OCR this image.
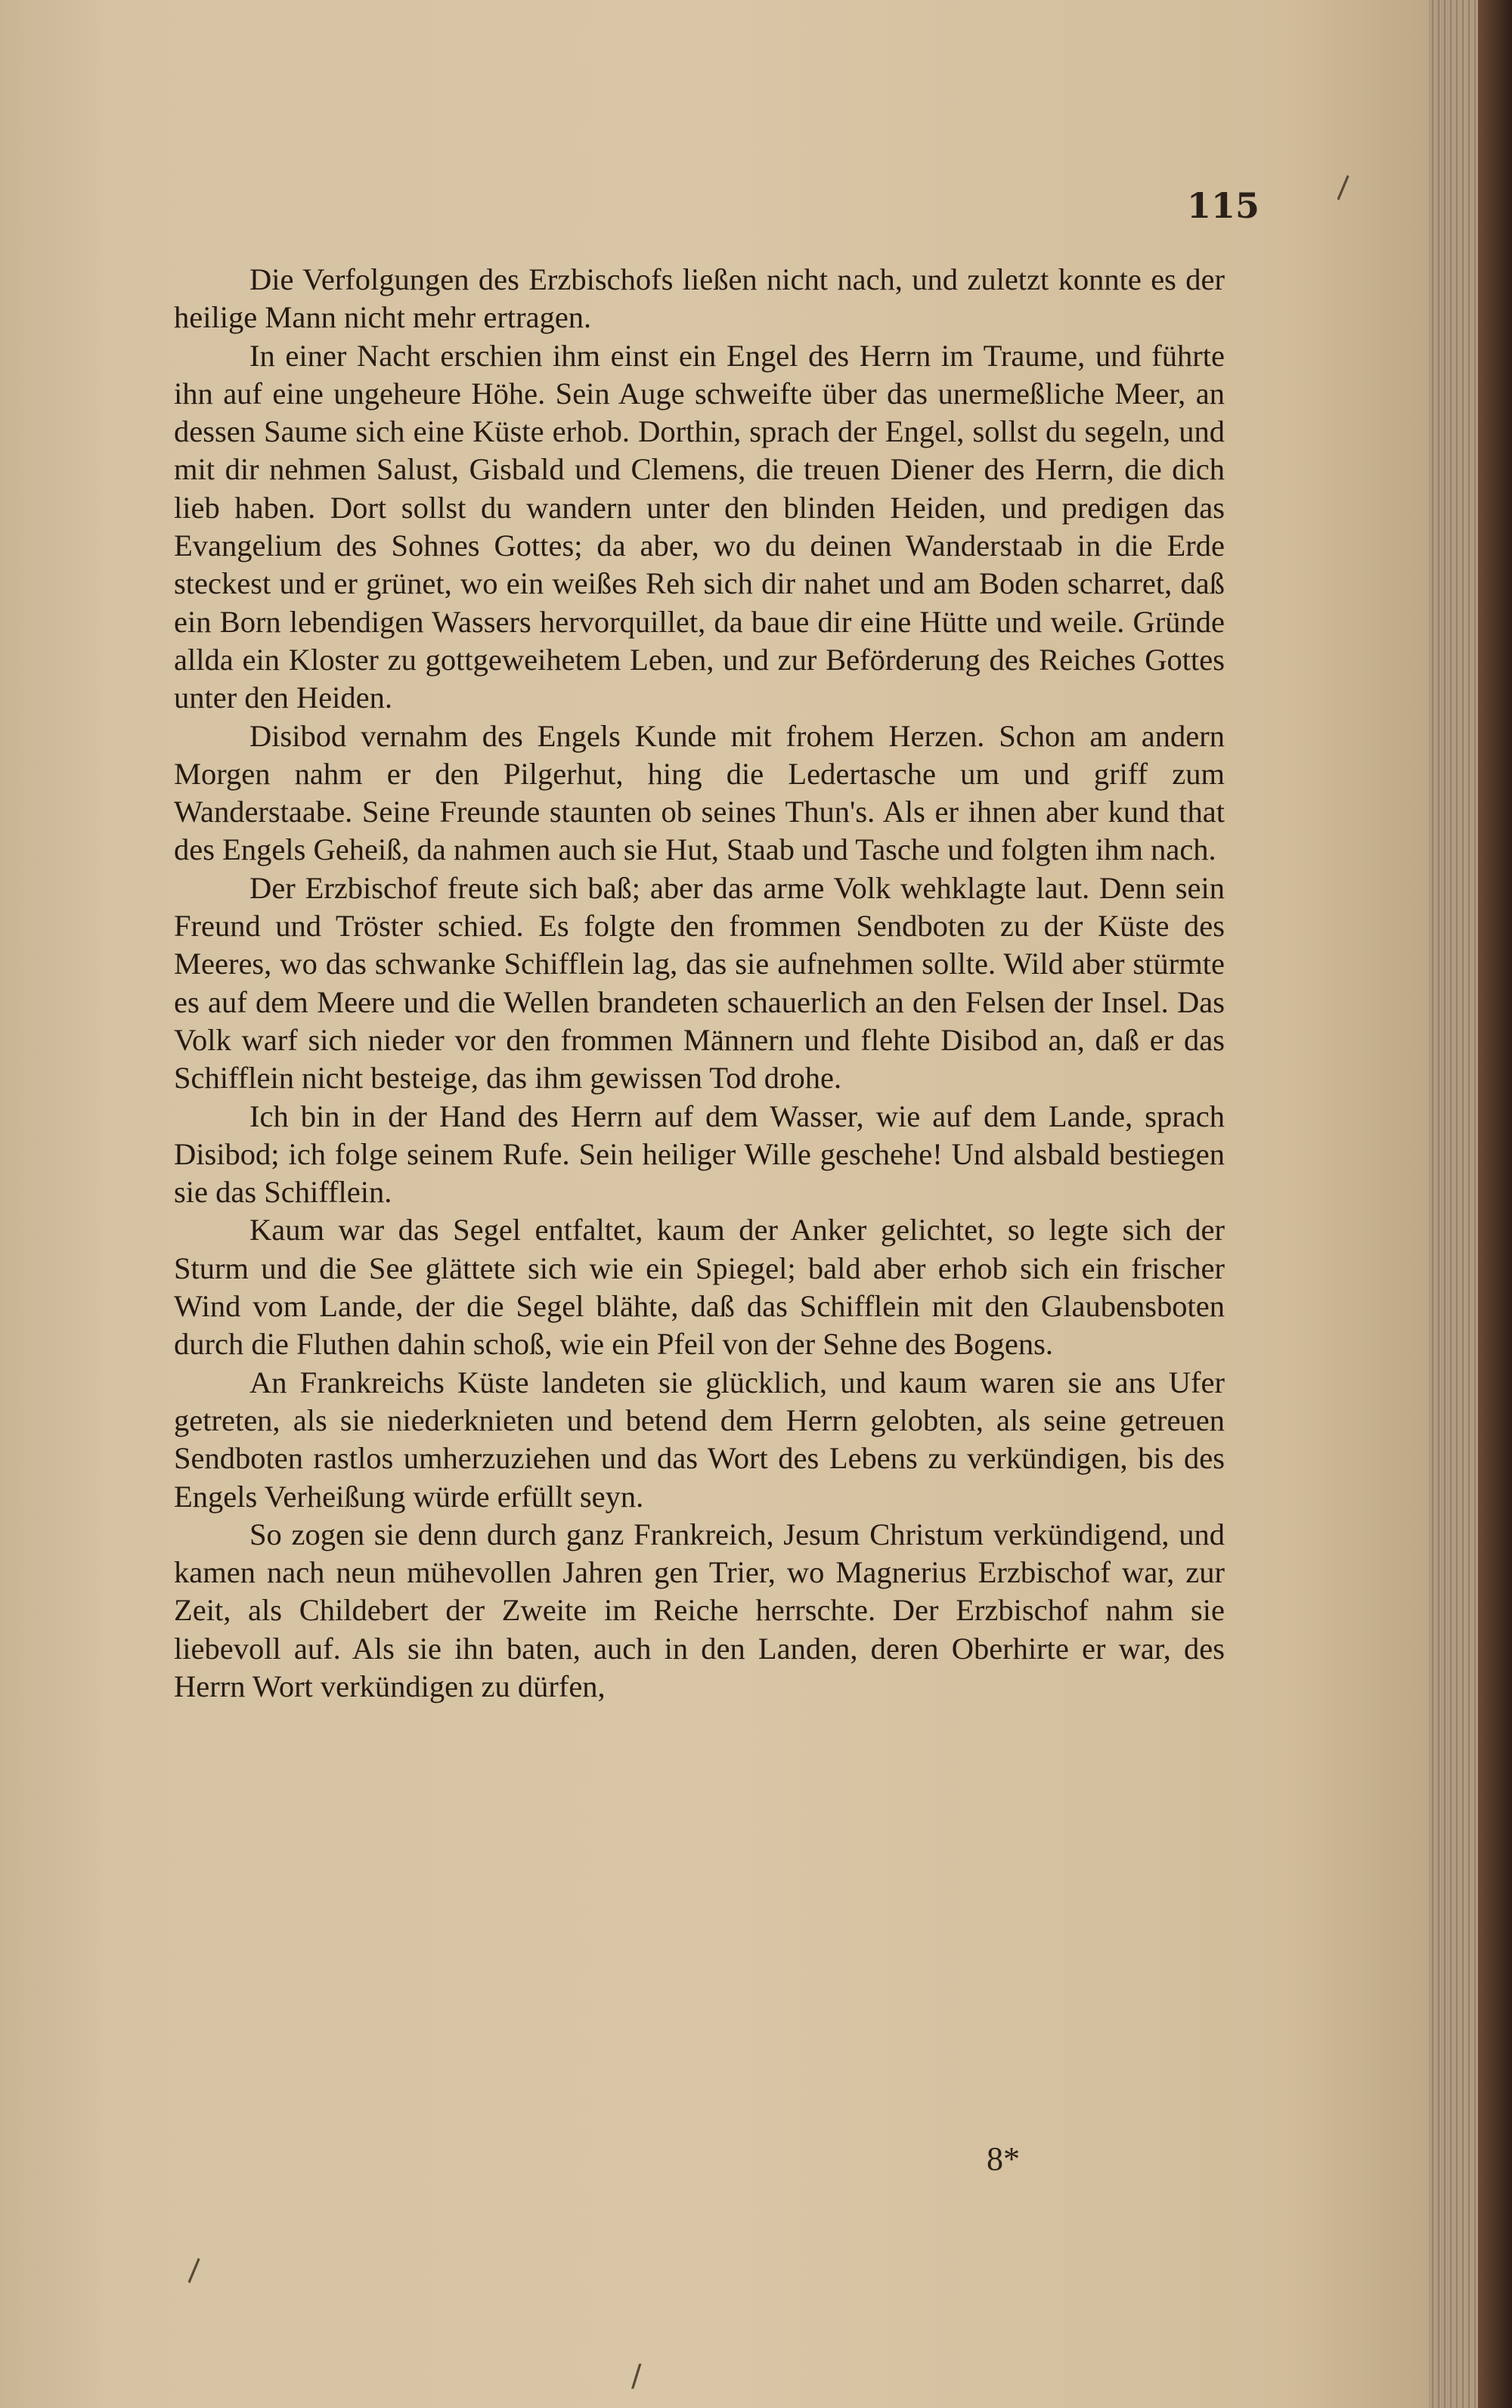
115

Die Verfolgungen des Erzbischofs ließen nicht nach, und zuletzt konnte es der heilige Mann nicht mehr ertragen.

In einer Nacht erschien ihm einst ein Engel des Herrn im Traume, und führte ihn auf eine ungeheure Höhe. Sein Auge schweifte über das unermeßliche Meer, an dessen Saume sich eine Küste erhob. Dorthin, sprach der Engel, sollst du segeln, und mit dir nehmen Salust, Gisbald und Clemens, die treuen Diener des Herrn, die dich lieb haben. Dort sollst du wandern unter den blinden Heiden, und predigen das Evangelium des Sohnes Gottes; da aber, wo du deinen Wanderstaab in die Erde steckest und er grünet, wo ein weißes Reh sich dir nahet und am Boden scharret, daß ein Born lebendigen Wassers hervorquillet, da baue dir eine Hütte und weile. Gründe allda ein Kloster zu gottgeweihetem Leben, und zur Beförderung des Reiches Gottes unter den Heiden.

Disibod vernahm des Engels Kunde mit frohem Herzen. Schon am andern Morgen nahm er den Pilgerhut, hing die Ledertasche um und griff zum Wanderstaabe. Seine Freunde staunten ob seines Thun's. Als er ihnen aber kund that des Engels Geheiß, da nahmen auch sie Hut, Staab und Tasche und folgten ihm nach.

Der Erzbischof freute sich baß; aber das arme Volk wehklagte laut. Denn sein Freund und Tröster schied. Es folgte den frommen Sendboten zu der Küste des Meeres, wo das schwanke Schifflein lag, das sie aufnehmen sollte. Wild aber stürmte es auf dem Meere und die Wellen brandeten schauerlich an den Felsen der Insel. Das Volk warf sich nieder vor den frommen Männern und flehte Disibod an, daß er das Schifflein nicht besteige, das ihm gewissen Tod drohe.

Ich bin in der Hand des Herrn auf dem Wasser, wie auf dem Lande, sprach Disibod; ich folge seinem Rufe. Sein heiliger Wille geschehe! Und alsbald bestiegen sie das Schifflein.

Kaum war das Segel entfaltet, kaum der Anker gelichtet, so legte sich der Sturm und die See glättete sich wie ein Spiegel; bald aber erhob sich ein frischer Wind vom Lande, der die Segel blähte, daß das Schifflein mit den Glaubensboten durch die Fluthen dahin schoß, wie ein Pfeil von der Sehne des Bogens.

An Frankreichs Küste landeten sie glücklich, und kaum waren sie ans Ufer getreten, als sie niederknieten und betend dem Herrn gelobten, als seine getreuen Sendboten rastlos umherzuziehen und das Wort des Lebens zu verkündigen, bis des Engels Verheißung würde erfüllt seyn.

So zogen sie denn durch ganz Frankreich, Jesum Christum verkündigend, und kamen nach neun mühevollen Jahren gen Trier, wo Magnerius Erzbischof war, zur Zeit, als Childebert der Zweite im Reiche herrschte. Der Erzbischof nahm sie liebevoll auf. Als sie ihn baten, auch in den Landen, deren Oberhirte er war, des Herrn Wort verkündigen zu dürfen,

8*
\
\
/
